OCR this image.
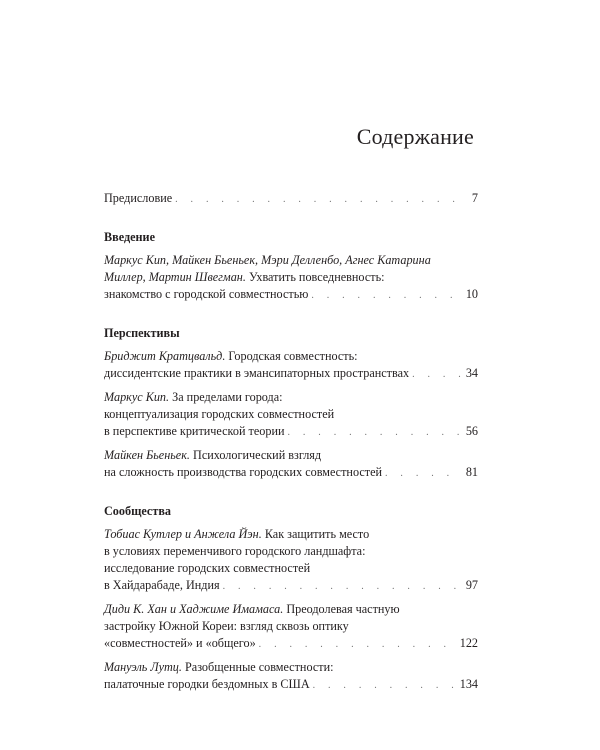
Содержание
Предисловие . . .	7

Введение

Маркус Кип, Майкен Бьеньек, Мэри Делленбо, Агнес Катарина
Миллер, Мартин Швегман. Ухватить повседневность:
знакомство с городской совместностью . . .	10

Перспективы

Бриджит Кратцвальд. Городская совместность:
диссидентские практики в эмансипаторных пространствах . . .	34
Маркус Кип. За пределами города:
концептуализация городских совместностей
в перспективе критической теории . . .	56
Майкен Бьеньек. Психологический взгляд
на сложность производства городских совместностей . . .	81

Сообщества

Тобиас Кутлер и Анжела Йэн. Как защитить место
в условиях переменчивого городского ландшафта:
исследование городских совместностей
в Хайдарабаде, Индия . . .	97
Диди К. Хан и Хаджиме Имамаса. Преодолевая частную
застройку Южной Кореи: взгляд сквозь оптику
«совместностей» и «общего» . . .	122
Мануэль Лутц. Разобщенные совместности:
палаточные городки бездомных в США . . .	134
